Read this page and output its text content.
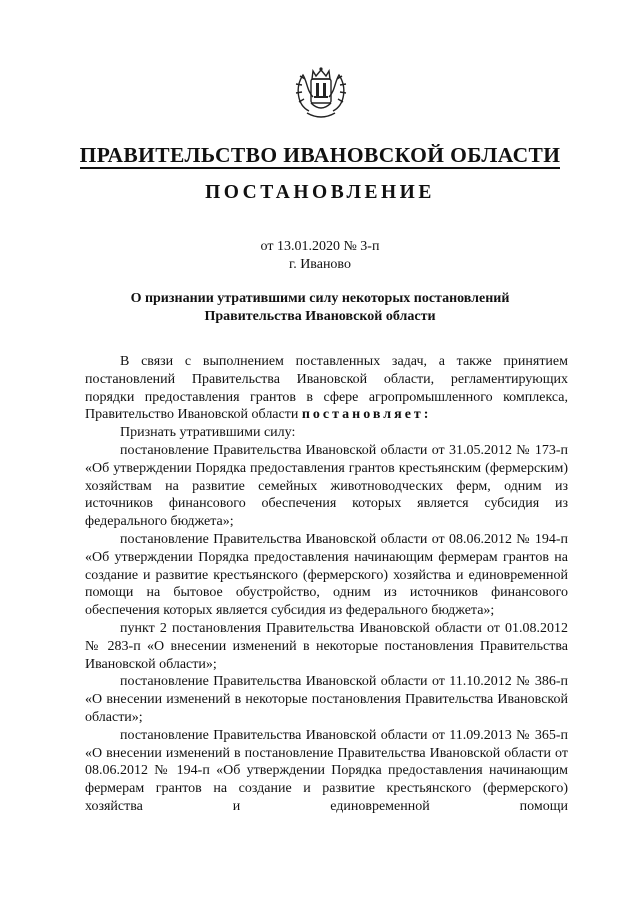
ПРАВИТЕЛЬСТВО ИВАНОВСКОЙ ОБЛАСТИ
ПОСТАНОВЛЕНИЕ
от 13.01.2020 № 3-п
г. Иваново
О признании утратившими силу некоторых постановлений
Правительства Ивановской области

В связи с выполнением поставленных задач, а также принятием постановлений Правительства Ивановской области, регламентирующих порядки предоставления грантов в сфере агропромышленного комплекса, Правительство Ивановской области постановляет:

Признать утратившими силу:

постановление Правительства Ивановской области от 31.05.2012 № 173-п «Об утверждении Порядка предоставления грантов крестьянским (фермерским) хозяйствам на развитие семейных животноводческих ферм, одним из источников финансового обеспечения которых является субсидия из федерального бюджета»;

постановление Правительства Ивановской области от 08.06.2012 № 194-п «Об утверждении Порядка предоставления начинающим фермерам грантов на создание и развитие крестьянского (фермерского) хозяйства и единовременной помощи на бытовое обустройство, одним из источников финансового обеспечения которых является субсидия из федерального бюджета»;

пункт 2 постановления Правительства Ивановской области от 01.08.2012 № 283-п «О внесении изменений в некоторые постановления Правительства Ивановской области»;

постановление Правительства Ивановской области от 11.10.2012 № 386-п «О внесении изменений в некоторые постановления Правительства Ивановской области»;

постановление Правительства Ивановской области от 11.09.2013 № 365-п «О внесении изменений в постановление Правительства Ивановской области от 08.06.2012 № 194-п «Об утверждении Порядка предоставления начинающим фермерам грантов на создание и развитие крестьянского (фермерского) хозяйства и единовременной помощи
